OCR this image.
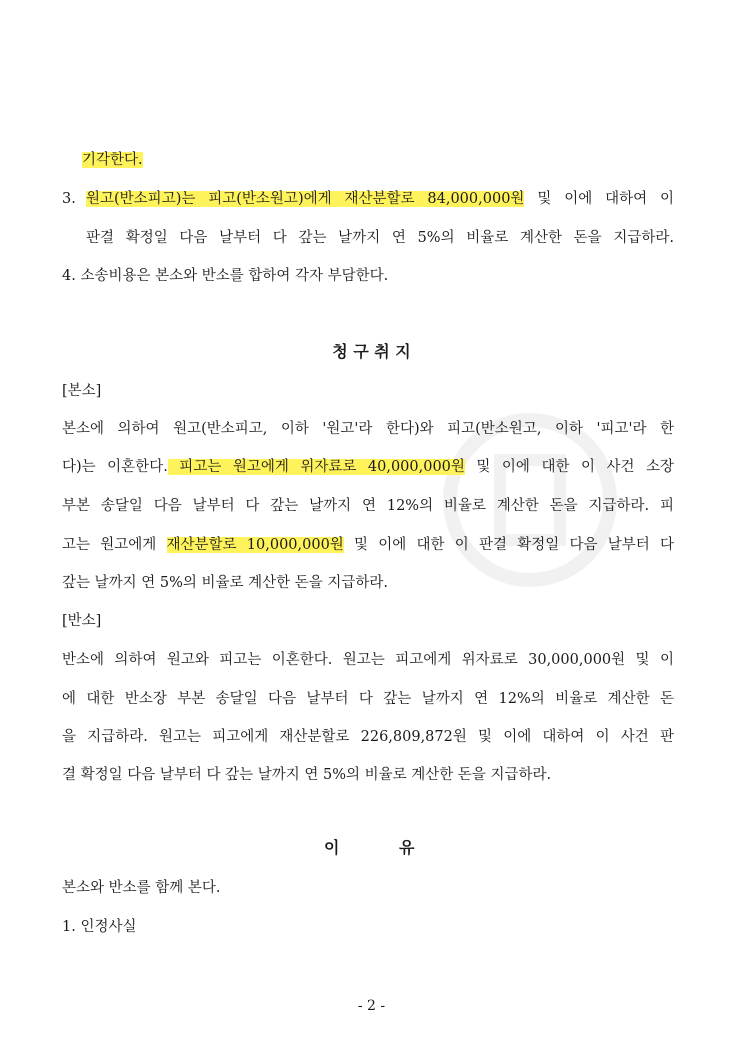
기각한다.
3. 원고(반소피고)는 피고(반소원고)에게 재산분할로 84,000,000원 및 이에 대하여 이
판결 확정일 다음 날부터 다 갚는 날까지 연 5%의 비율로 계산한 돈을 지급하라.
4. 소송비용은 본소와 반소를 합하여 각자 부담한다.
청 구 취 지
[본소]
본소에 의하여 원고(반소피고, 이하 '원고'라 한다)와 피고(반소원고, 이하 '피고'라 한
다)는 이혼한다. 피고는 원고에게 위자료로 40,000,000원 및 이에 대한 이 사건 소장
부본 송달일 다음 날부터 다 갚는 날까지 연 12%의 비율로 계산한 돈을 지급하라. 피
고는 원고에게 재산분할로 10,000,000원 및 이에 대한 이 판결 확정일 다음 날부터 다
갚는 날까지 연 5%의 비율로 계산한 돈을 지급하라.
[반소]
반소에 의하여 원고와 피고는 이혼한다. 원고는 피고에게 위자료로 30,000,000원 및 이
에 대한 반소장 부본 송달일 다음 날부터 다 갚는 날까지 연 12%의 비율로 계산한 돈
을 지급하라. 원고는 피고에게 재산분할로 226,809,872원 및 이에 대하여 이 사건 판
결 확정일 다음 날부터 다 갚는 날까지 연 5%의 비율로 계산한 돈을 지급하라.
이	유
본소와 반소를 함께 본다.
1. 인정사실
- 2 -
